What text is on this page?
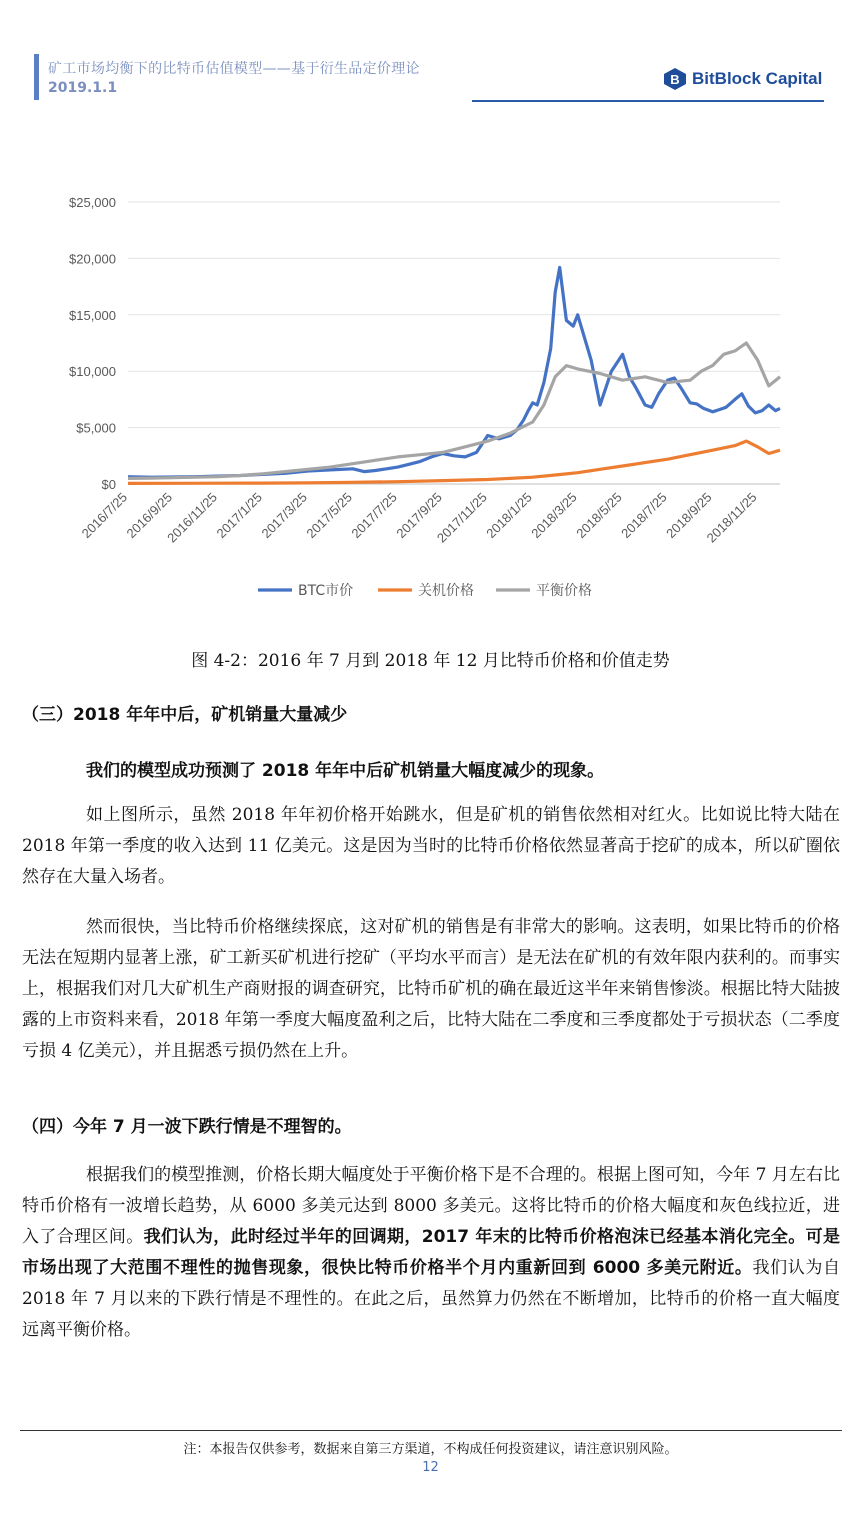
矿工市场均衡下的比特币估值模型——基于衍生品定价理论
2019.1.1
B BitBlock Capital
$0
$5,000
$10,000
$15,000
$20,000
$25,000
2016/7/25
2016/9/25
2016/11/25
2017/1/25
2017/3/25
2017/5/25
2017/7/25
2017/9/25
2017/11/25
2018/1/25
2018/3/25
2018/5/25
2018/7/25
2018/9/25
2018/11/25
BTC市价	关机价格	平衡价格
图 4-2：2016 年 7 月到 2018 年 12 月比特币价格和价值走势
（三）2018 年年中后，矿机销量大量减少
我们的模型成功预测了 2018 年年中后矿机销量大幅度减少的现象。

如上图所示，虽然 2018 年年初价格开始跳水，但是矿机的销售依然相对红火。比如说比特大陆在 2018 年第一季度的收入达到 11 亿美元。这是因为当时的比特币价格依然显著高于挖矿的成本，所以矿圈依然存在大量入场者。

然而很快，当比特币价格继续探底，这对矿机的销售是有非常大的影响。这表明，如果比特币的价格无法在短期内显著上涨，矿工新买矿机进行挖矿（平均水平而言）是无法在矿机的有效年限内获利的。而事实上，根据我们对几大矿机生产商财报的调查研究，比特币矿机的确在最近这半年来销售惨淡。根据比特大陆披露的上市资料来看，2018 年第一季度大幅度盈利之后，比特大陆在二季度和三季度都处于亏损状态（二季度亏损 4 亿美元），并且据悉亏损仍然在上升。

（四）今年 7 月一波下跌行情是不理智的。

根据我们的模型推测，价格长期大幅度处于平衡价格下是不合理的。根据上图可知，今年 7 月左右比特币价格有一波增长趋势，从 6000 多美元达到 8000 多美元。这将比特币的价格大幅度和灰色线拉近，进入了合理区间。我们认为，此时经过半年的回调期，2017 年末的比特币价格泡沫已经基本消化完全。可是市场出现了大范围不理性的抛售现象，很快比特币价格半个月内重新回到 6000 多美元附近。我们认为自 2018 年 7 月以来的下跌行情是不理性的。在此之后，虽然算力仍然在不断增加，比特币的价格一直大幅度远离平衡价格。

注：本报告仅供参考，数据来自第三方渠道，不构成任何投资建议，请注意识别风险。
12
